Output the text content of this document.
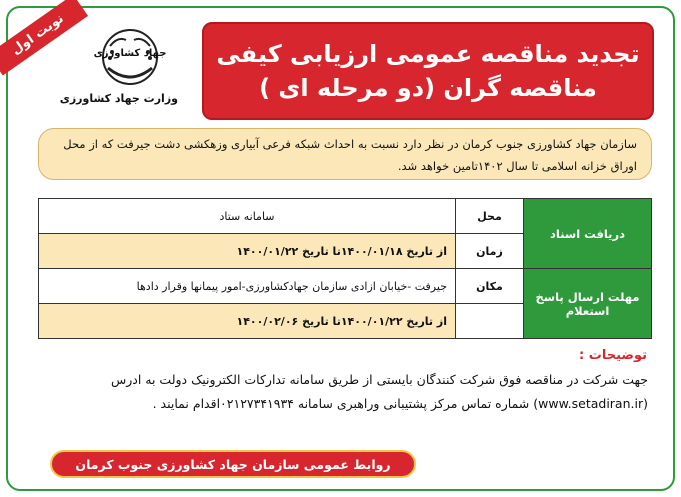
نوبت اول	جهاد کشاورزی
وزارت جهاد کشاورزی
تجدید مناقصه عمومی ارزیابی کیفی
مناقصه گران (دو مرحله ای )
سازمان جهاد کشاورزی جنوب کرمان در نظر دارد نسبت به احداث شبکه فرعی آبیاری وزهکشی دشت جیرفت که از محل اوراق خزانه اسلامی تا سال ۱۴۰۲تامین خواهد شد.
دریافت اسناد	محل	سامانه ستاد
	زمان	از تاریخ ۱۴۰۰/۰۱/۱۸تا تاریخ ۱۴۰۰/۰۱/۲۲
مهلت ارسال پاسخ استعلام	مکان	جیرفت -خیابان ازادی سازمان جهادکشاورزی-امور پیمانها وقرار دادها
		از تاریخ ۱۴۰۰/۰۱/۲۲تا تاریخ ۱۴۰۰/۰۲/۰۶
توضیحات :
جهت شرکت در مناقصه فوق شرکت کنندگان بایستی از طریق سامانه تدارکات الکترونیک دولت به ادرس
(www.setadiran.ir) شماره تماس مرکز پشتیبانی وراهبری سامانه ۰۲۱۲۷۳۴۱۹۳۴اقدام نمایند .
روابط عمومی سازمان جهاد کشاورزی جنوب کرمان
